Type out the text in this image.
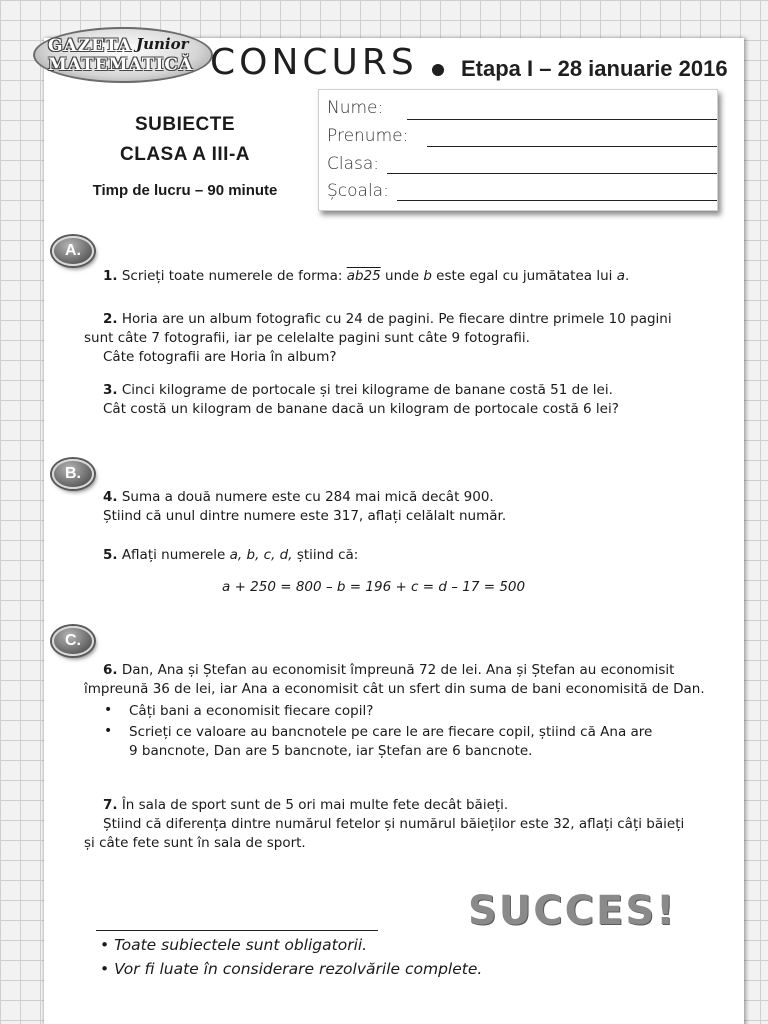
GAZETA Junior
MATEMATICĂ CONCURS Etapa I – 28 ianuarie 2016
SUBIECTE
CLASA A III-A
Timp de lucru – 90 minute
Nume:
Prenume:
Clasa:
Școala:
A.
1. Scrieți toate numerele de forma: ab25 unde b este egal cu jumătatea lui a.
2. Horia are un album fotografic cu 24 de pagini. Pe fiecare dintre primele 10 pagini
sunt câte 7 fotografii, iar pe celelalte pagini sunt câte 9 fotografii.
Câte fotografii are Horia în album?
3. Cinci kilograme de portocale și trei kilograme de banane costă 51 de lei.
Cât costă un kilogram de banane dacă un kilogram de portocale costă 6 lei?
B.
4. Suma a două numere este cu 284 mai mică decât 900.
Știind că unul dintre numere este 317, aflați celălalt număr.
5. Aflați numerele a, b, c, d, știind că:
a + 250 = 800 – b = 196 + c = d – 17 = 500
C.
6. Dan, Ana și Ștefan au economisit împreună 72 de lei. Ana și Ștefan au economisit
împreună 36 de lei, iar Ana a economisit cât un sfert din suma de bani economisită de Dan.
• Câți bani a economisit fiecare copil?
• Scrieți ce valoare au bancnotele pe care le are fiecare copil, știind că Ana are
9 bancnote, Dan are 5 bancnote, iar Ștefan are 6 bancnote.
7. În sala de sport sunt de 5 ori mai multe fete decât băieți.
Știind că diferența dintre numărul fetelor și numărul băieților este 32, aflați câți băieți
și câte fete sunt în sala de sport.
SUCCES!
• Toate subiectele sunt obligatorii.
• Vor fi luate în considerare rezolvările complete.
